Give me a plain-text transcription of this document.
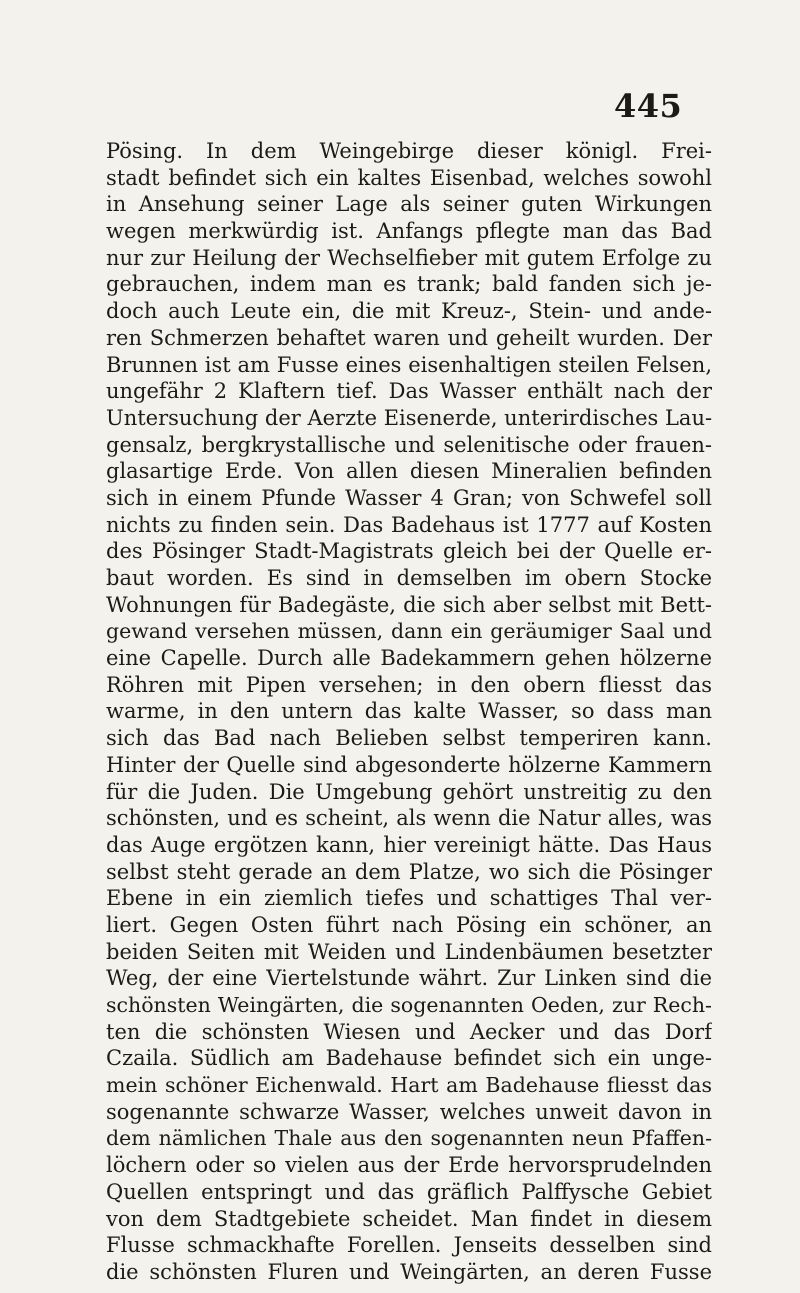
445
Pösing. In dem Weingebirge dieser königl. Frei-
stadt befindet sich ein kaltes Eisenbad, welches sowohl
in Ansehung seiner Lage als seiner guten Wirkungen
wegen merkwürdig ist. Anfangs pflegte man das Bad
nur zur Heilung der Wechselfieber mit gutem Erfolge zu
gebrauchen, indem man es trank; bald fanden sich je-
doch auch Leute ein, die mit Kreuz-, Stein- und ande-
ren Schmerzen behaftet waren und geheilt wurden. Der
Brunnen ist am Fusse eines eisenhaltigen steilen Felsen,
ungefähr 2 Klaftern tief. Das Wasser enthält nach der
Untersuchung der Aerzte Eisenerde, unterirdisches Lau-
gensalz, bergkrystallische und selenitische oder frauen-
glasartige Erde. Von allen diesen Mineralien befinden
sich in einem Pfunde Wasser 4 Gran; von Schwefel soll
nichts zu finden sein. Das Badehaus ist 1777 auf Kosten
des Pösinger Stadt-Magistrats gleich bei der Quelle er-
baut worden. Es sind in demselben im obern Stocke
Wohnungen für Badegäste, die sich aber selbst mit Bett-
gewand versehen müssen, dann ein geräumiger Saal und
eine Capelle. Durch alle Badekammern gehen hölzerne
Röhren mit Pipen versehen; in den obern fliesst das
warme, in den untern das kalte Wasser, so dass man
sich das Bad nach Belieben selbst temperiren kann.
Hinter der Quelle sind abgesonderte hölzerne Kammern
für die Juden. Die Umgebung gehört unstreitig zu den
schönsten, und es scheint, als wenn die Natur alles, was
das Auge ergötzen kann, hier vereinigt hätte. Das Haus
selbst steht gerade an dem Platze, wo sich die Pösinger
Ebene in ein ziemlich tiefes und schattiges Thal ver-
liert. Gegen Osten führt nach Pösing ein schöner, an
beiden Seiten mit Weiden und Lindenbäumen besetzter
Weg, der eine Viertelstunde währt. Zur Linken sind die
schönsten Weingärten, die sogenannten Oeden, zur Rech-
ten die schönsten Wiesen und Aecker und das Dorf
Czaila. Südlich am Badehause befindet sich ein unge-
mein schöner Eichenwald. Hart am Badehause fliesst das
sogenannte schwarze Wasser, welches unweit davon in
dem nämlichen Thale aus den sogenannten neun Pfaffen-
löchern oder so vielen aus der Erde hervorsprudelnden
Quellen entspringt und das gräflich Palffysche Gebiet
von dem Stadtgebiete scheidet. Man findet in diesem
Flusse schmackhafte Forellen. Jenseits desselben sind
die schönsten Fluren und Weingärten, an deren Fusse
